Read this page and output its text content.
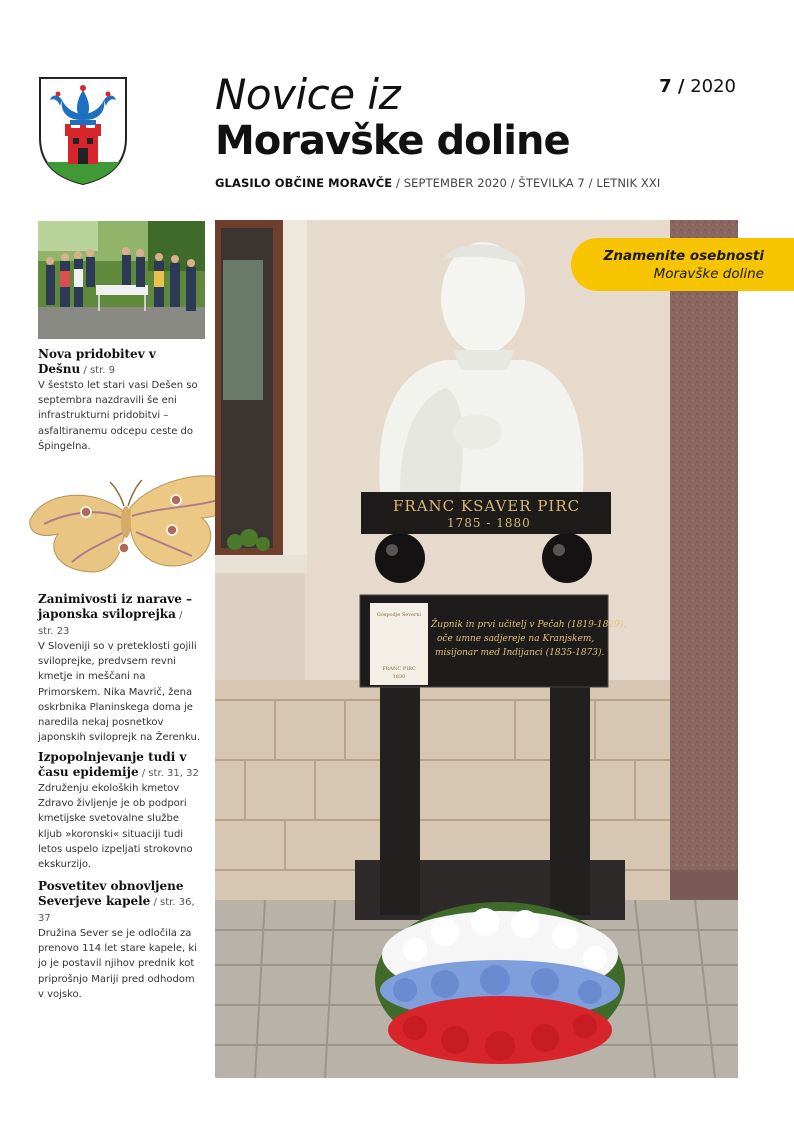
Novice iz
Moravške doline
7 / 2020
GLASILO OBČINE MORAVČE / SEPTEMBER 2020 / ŠTEVILKA 7 / LETNIK XXI
Nova pridobitev v Dešnu / str. 9

V šeststo let stari vasi Dešen so septembra nazdravili še eni infrastrukturni pridobitvi – asfaltiranemu odcepu ceste do Špingelna.

Zanimivosti iz narave – japonska sviloprejka / str. 23

V Sloveniji so v preteklosti gojili sviloprejke, predvsem revni kmetje in meščani na Primorskem. Nika Mavrič, žena oskrbnika Planinskega doma je naredila nekaj posnetkov japonskih sviloprejk na Žerenku.

Izpopolnjevanje tudi v času epidemije / str. 31, 32

Združenju ekoloških kmetov Zdravo življenje je ob podpori kmetijske svetovalne službe kljub »koronski« situaciji tudi letos uspelo izpeljati strokovno ekskurzijo.

Posvetitev obnovljene Severjeve kapele / str. 36, 37

Družina Sever se je odločila za prenovo 114 let stare kapele, ki jo je postavil njihov prednik kot priprošnjo Mariji pred odhodom v vojsko.

FRANC KSAVER PIRC
1785 - 1880
Župnik in prvi učitelj v Pečah (1819-1829),
oče umne sadjereje na Kranjskem,
misijonar med Indijanci (1835-1873).
Gospodje Severni
FRANC PIRC
1830
Znamenite osebnosti
Moravške doline
